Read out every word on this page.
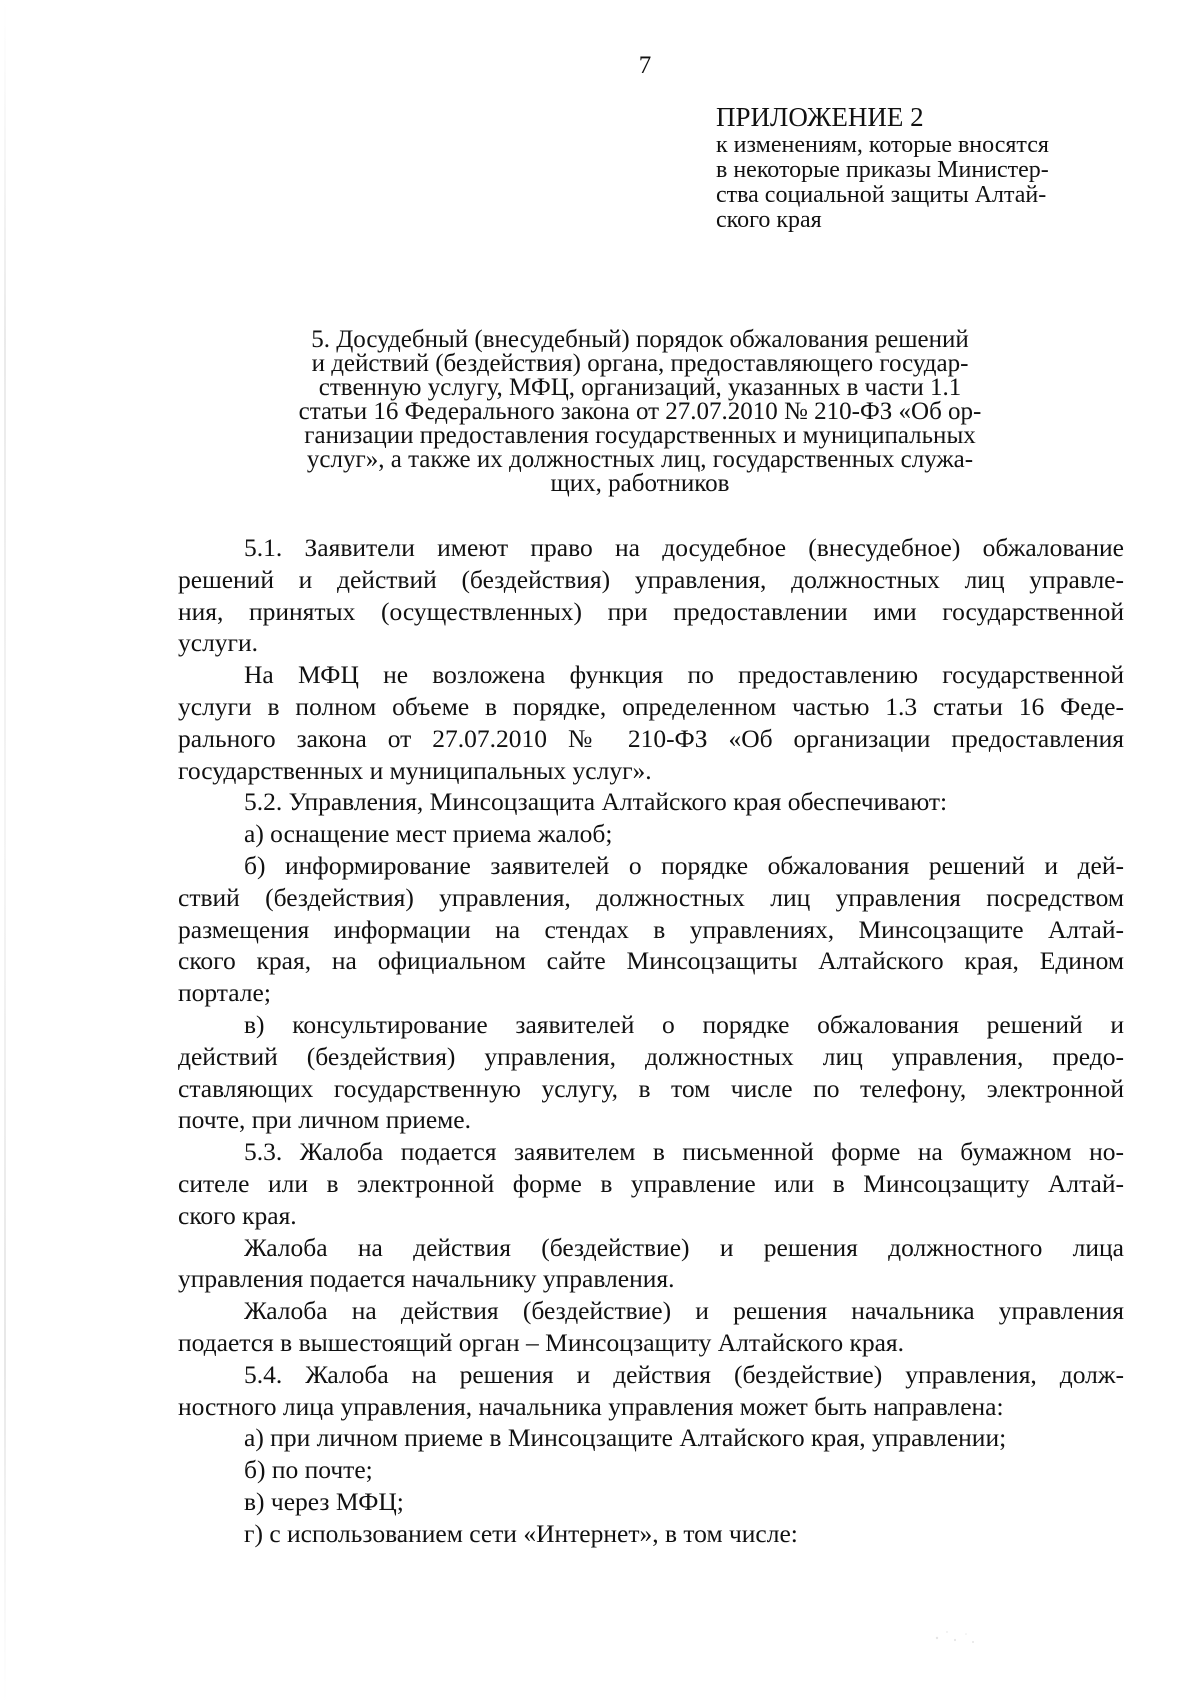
7
ПРИЛОЖЕНИЕ 2
к изменениям, которые вносятся
в некоторые приказы Министер-
ства социальной защиты Алтай-
ского края
5. Досудебный (внесудебный) порядок обжалования решений
и действий (бездействия) органа, предоставляющего государ-
ственную услугу, МФЦ, организаций, указанных в части 1.1
статьи 16 Федерального закона от 27.07.2010 № 210-ФЗ «Об ор-
ганизации предоставления государственных и муниципальных
услуг», а также их должностных лиц, государственных служа-
щих, работников
5.1. Заявители имеют право на досудебное (внесудебное) обжалование
решений и действий (бездействия) управления, должностных лиц управле-
ния, принятых (осуществленных) при предоставлении ими государственной
услуги.
На МФЦ не возложена функция по предоставлению государственной
услуги в полном объеме в порядке, определенном частью 1.3 статьи 16 Феде-
рального закона от 27.07.2010 № 210-ФЗ «Об организации предоставления
государственных и муниципальных услуг».
5.2. Управления, Минсоцзащита Алтайского края обеспечивают:
а) оснащение мест приема жалоб;
б) информирование заявителей о порядке обжалования решений и дей-
ствий (бездействия) управления, должностных лиц управления посредством
размещения информации на стендах в управлениях, Минсоцзащите Алтай-
ского края, на официальном сайте Минсоцзащиты Алтайского края, Едином
портале;
в) консультирование заявителей о порядке обжалования решений и
действий (бездействия) управления, должностных лиц управления, предо-
ставляющих государственную услугу, в том числе по телефону, электронной
почте, при личном приеме.
5.3. Жалоба подается заявителем в письменной форме на бумажном но-
сителе или в электронной форме в управление или в Минсоцзащиту Алтай-
ского края.
Жалоба на действия (бездействие) и решения должностного лица
управления подается начальнику управления.
Жалоба на действия (бездействие) и решения начальника управления
подается в вышестоящий орган – Минсоцзащиту Алтайского края.
5.4. Жалоба на решения и действия (бездействие) управления, долж-
ностного лица управления, начальника управления может быть направлена:
а) при личном приеме в Минсоцзащите Алтайского края, управлении;
б) по почте;
в) через МФЦ;
г) с использованием сети «Интернет», в том числе:
